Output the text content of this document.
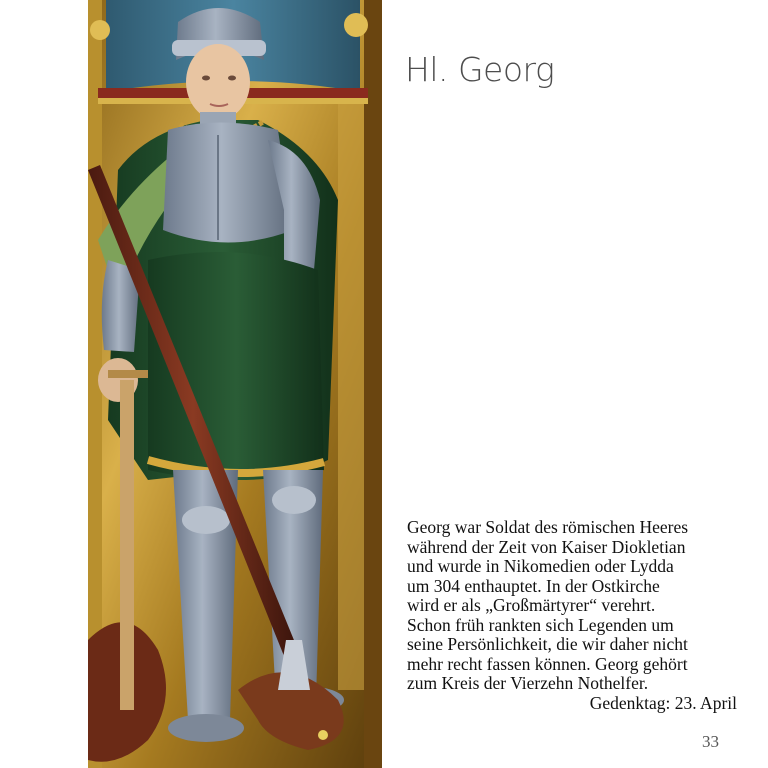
Hl. Georg
Georg war Soldat des römischen Heeres
während der Zeit von Kaiser Diokletian
und wurde in Nikomedien oder Lydda
um 304 enthauptet. In der Ostkirche
wird er als „Großmärtyrer“ verehrt.
Schon früh rankten sich Legenden um
seine Persönlichkeit, die wir daher nicht
mehr recht fassen können. Georg gehört
zum Kreis der Vierzehn Nothelfer.
Gedenktag: 23. April
33
